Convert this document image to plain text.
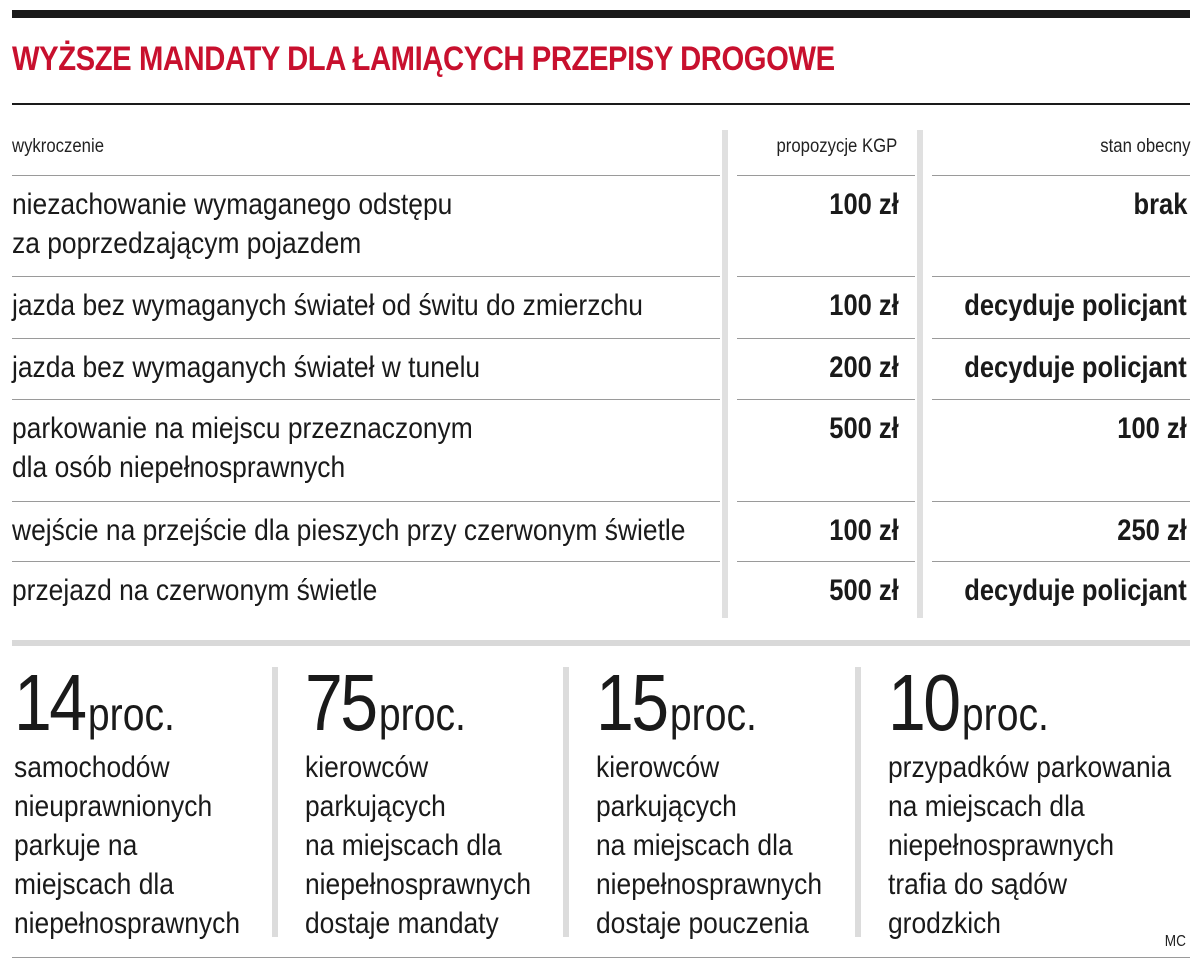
WYŻSZE MANDATY DLA ŁAMIĄCYCH PRZEPISY DROGOWE
wykroczenie	propozycje KGP	stan obecny
niezachowanie wymaganego odstępu
za poprzedzającym pojazdem
100 zł	brak
jazda bez wymaganych świateł od świtu do zmierzchu	100 zł decyduje policjant
jazda bez wymaganych świateł w tunelu	200 zł decyduje policjant
parkowanie na miejscu przeznaczonym
dla osób niepełnosprawnych
500 zł	100 zł
wejście na przejście dla pieszych przy czerwonym świetle	100 zł	250 zł
przejazd na czerwonym świetle	500 zł decyduje policjant
14proc.
samochodów
nieuprawnionych
parkuje na
miejscach dla
niepełnosprawnych
75proc.
kierowców
parkujących
na miejscach dla
niepełnosprawnych
dostaje mandaty
15proc.
kierowców
parkujących
na miejscach dla
niepełnosprawnych
dostaje pouczenia
10proc.
przypadków parkowania
na miejscach dla
niepełnosprawnych
trafia do sądów
grodzkich
MC
